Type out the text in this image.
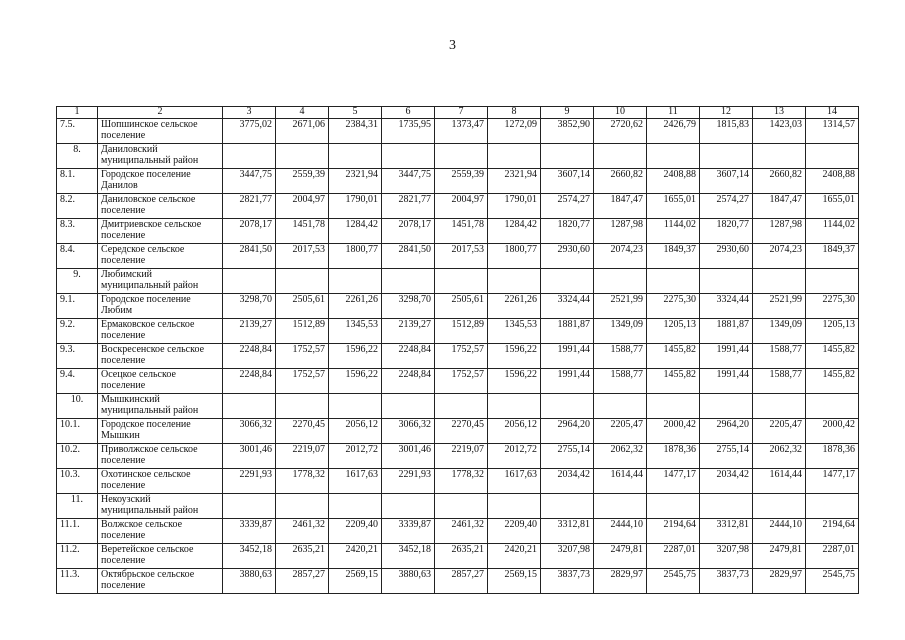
3
1	2	3	4	5	6	7	8	9	10	11	12	13	14
7.5.	Шопшинское сельское поселение	3775,02	2671,06	2384,31	1735,95	1373,47	1272,09	3852,90	2720,62	2426,79	1815,83	1423,03	1314,57
8.	Даниловский муниципальный район												
8.1.	Городское поселение Данилов	3447,75	2559,39	2321,94	3447,75	2559,39	2321,94	3607,14	2660,82	2408,88	3607,14	2660,82	2408,88
8.2.	Даниловское сельское поселение	2821,77	2004,97	1790,01	2821,77	2004,97	1790,01	2574,27	1847,47	1655,01	2574,27	1847,47	1655,01
8.3.	Дмитриевское сельское поселение	2078,17	1451,78	1284,42	2078,17	1451,78	1284,42	1820,77	1287,98	1144,02	1820,77	1287,98	1144,02
8.4.	Середское сельское поселение	2841,50	2017,53	1800,77	2841,50	2017,53	1800,77	2930,60	2074,23	1849,37	2930,60	2074,23	1849,37
9.	Любимский муниципальный район												
9.1.	Городское поселение Любим	3298,70	2505,61	2261,26	3298,70	2505,61	2261,26	3324,44	2521,99	2275,30	3324,44	2521,99	2275,30
9.2.	Ермаковское сельское поселение	2139,27	1512,89	1345,53	2139,27	1512,89	1345,53	1881,87	1349,09	1205,13	1881,87	1349,09	1205,13
9.3.	Воскресенское сельское поселение	2248,84	1752,57	1596,22	2248,84	1752,57	1596,22	1991,44	1588,77	1455,82	1991,44	1588,77	1455,82
9.4.	Осецкое сельское поселение	2248,84	1752,57	1596,22	2248,84	1752,57	1596,22	1991,44	1588,77	1455,82	1991,44	1588,77	1455,82
10.	Мышкинский муниципальный район												
10.1.	Городское поселение Мышкин	3066,32	2270,45	2056,12	3066,32	2270,45	2056,12	2964,20	2205,47	2000,42	2964,20	2205,47	2000,42
10.2.	Приволжское сельское поселение	3001,46	2219,07	2012,72	3001,46	2219,07	2012,72	2755,14	2062,32	1878,36	2755,14	2062,32	1878,36
10.3.	Охотинское сельское поселение	2291,93	1778,32	1617,63	2291,93	1778,32	1617,63	2034,42	1614,44	1477,17	2034,42	1614,44	1477,17
11.	Некоузский муниципальный район												
11.1.	Волжское сельское поселение	3339,87	2461,32	2209,40	3339,87	2461,32	2209,40	3312,81	2444,10	2194,64	3312,81	2444,10	2194,64
11.2.	Веретейское сельское поселение	3452,18	2635,21	2420,21	3452,18	2635,21	2420,21	3207,98	2479,81	2287,01	3207,98	2479,81	2287,01
11.3.	Октябрьское сельское поселение	3880,63	2857,27	2569,15	3880,63	2857,27	2569,15	3837,73	2829,97	2545,75	3837,73	2829,97	2545,75
